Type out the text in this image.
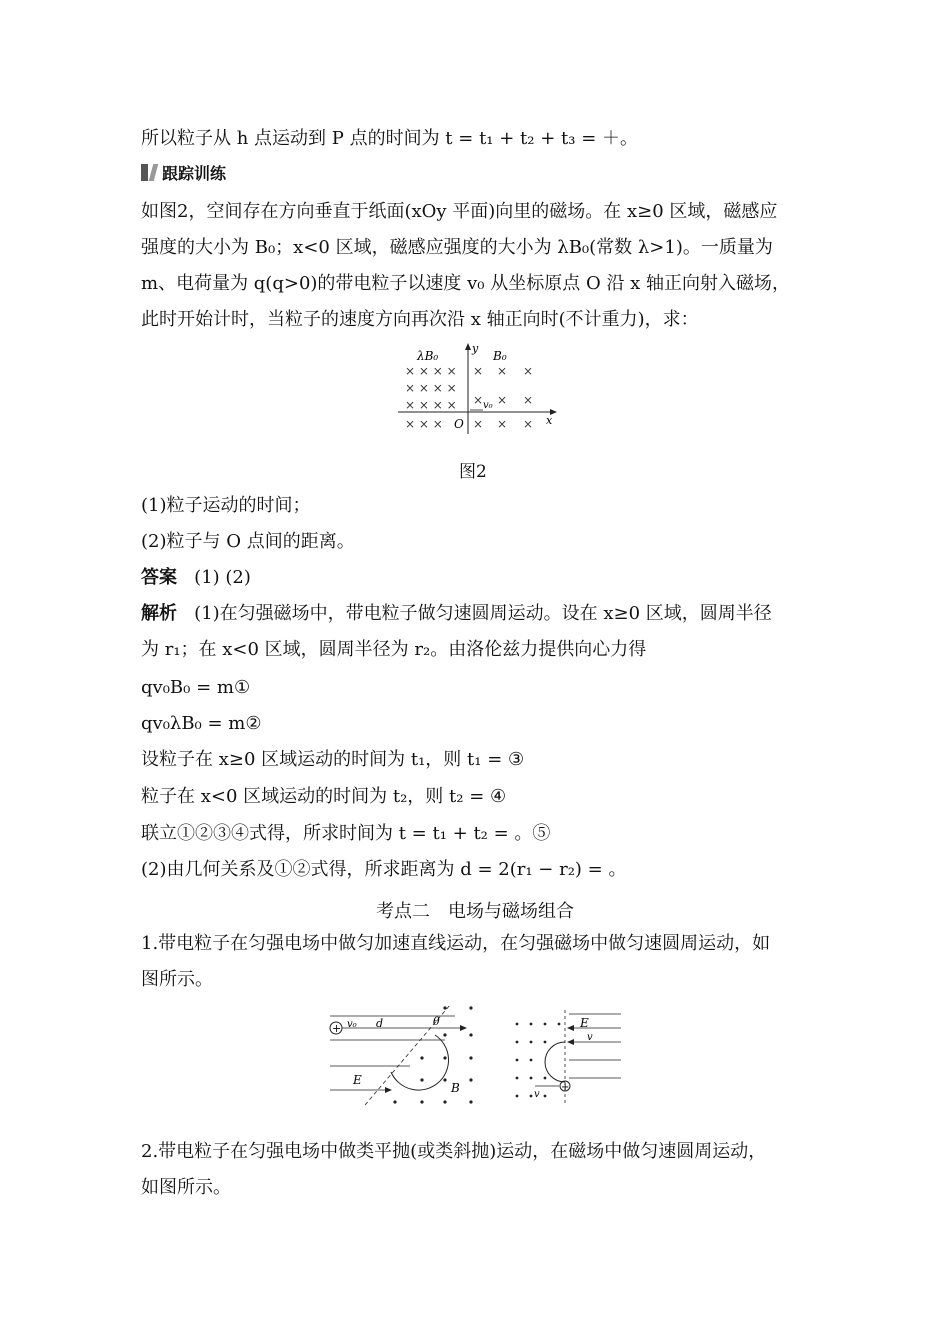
所以粒子从 h 点运动到 P 点的时间为 t = t₁ + t₂ + t₃ = ＋。
跟踪训练
如图2，空间存在方向垂直于纸面(xOy 平面)向里的磁场。在 x≥0 区域，磁感应
强度的大小为 B₀；x<0 区域，磁感应强度的大小为 λB₀(常数 λ>1)。一质量为
m、电荷量为 q(q>0)的带电粒子以速度 v₀ 从坐标原点 O 沿 x 轴正向射入磁场，
此时开始计时，当粒子的速度方向再次沿 x 轴正向时(不计重力)，求：
λB₀	B₀
y
x
O
v₀
× × × ×
× × × ×
× × × ×
× × ×
× × ×
× × ×
× × ×
图2
(1)粒子运动的时间；
(2)粒子与 O 点间的距离。
答案 (1) (2)
解析 (1)在匀强磁场中，带电粒子做匀速圆周运动。设在 x≥0 区域，圆周半径
为 r₁；在 x<0 区域，圆周半径为 r₂。由洛伦兹力提供向心力得
qv₀B₀ = m①
qv₀λB₀ = m②
设粒子在 x≥0 区域运动的时间为 t₁，则 t₁ = ③
粒子在 x<0 区域运动的时间为 t₂，则 t₂ = ④
联立①②③④式得，所求时间为 t = t₁ + t₂ = 。⑤
(2)由几何关系及①②式得，所求距离为 d = 2(r₁ − r₂) = 。
考点二　电场与磁场组合
1.带电粒子在匀强电场中做匀加速直线运动，在匀强磁场中做匀速圆周运动，如
图所示。
+ v₀ d	θ
E
B	+
E
v
v
2.带电粒子在匀强电场中做类平抛(或类斜抛)运动，在磁场中做匀速圆周运动，
如图所示。
